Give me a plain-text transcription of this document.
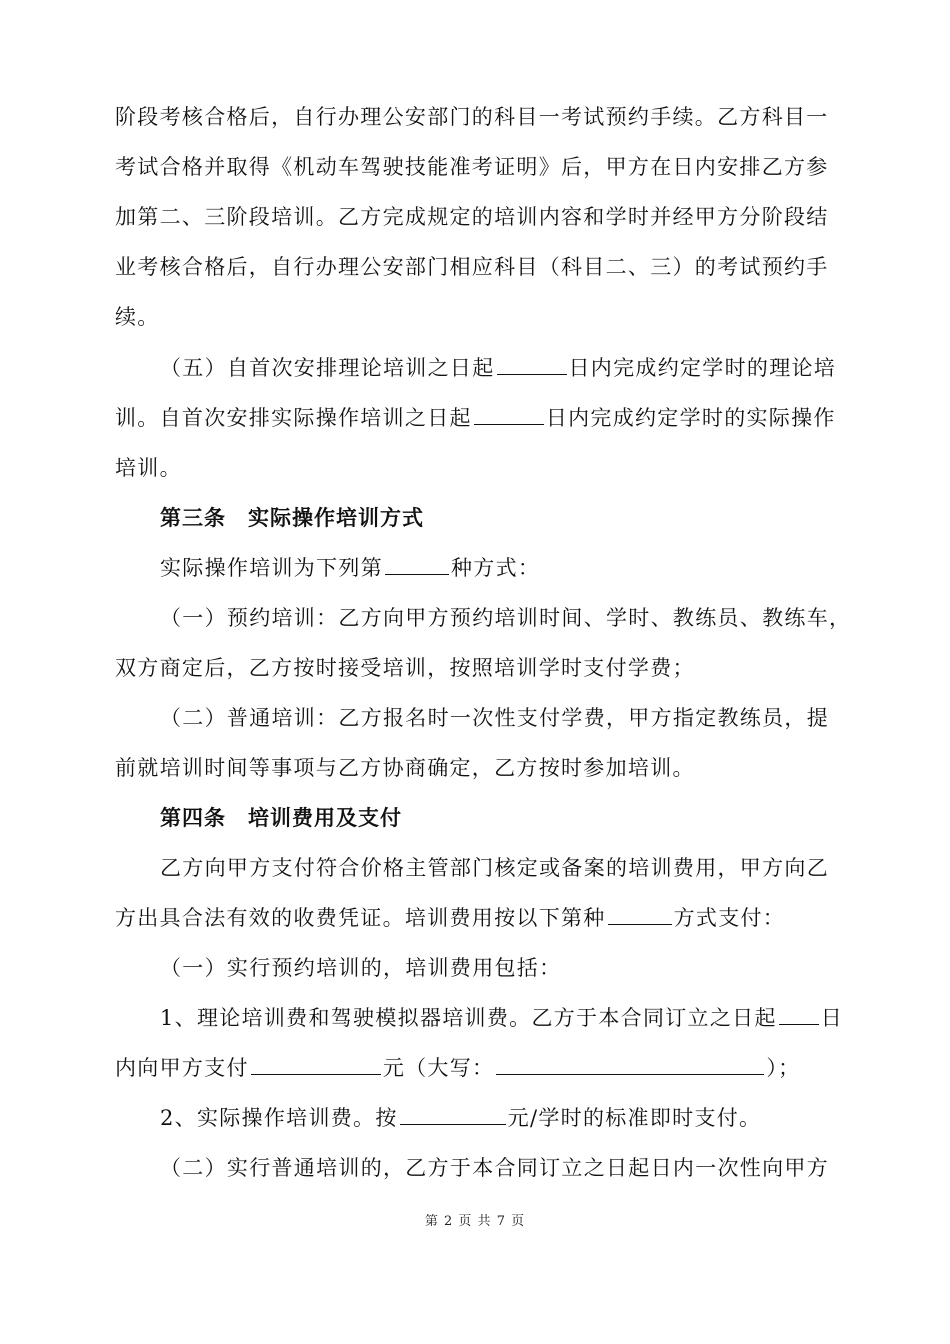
阶段考核合格后，自行办理公安部门的科目一考试预约手续。乙方科目一
考试合格并取得《机动车驾驶技能准考证明》后，甲方在日内安排乙方参
加第二、三阶段培训。乙方完成规定的培训内容和学时并经甲方分阶段结
业考核合格后，自行办理公安部门相应科目（科目二、三）的考试预约手
续。
（五）自首次安排理论培训之日起	日内完成约定学时的理论培
训。自首次安排实际操作培训之日起	日内完成约定学时的实际操作
培训。
第三条　实际操作培训方式
实际操作培训为下列第	种方式：
（一）预约培训：乙方向甲方预约培训时间、学时、教练员、教练车，
双方商定后，乙方按时接受培训，按照培训学时支付学费；
（二）普通培训：乙方报名时一次性支付学费，甲方指定教练员，提
前就培训时间等事项与乙方协商确定，乙方按时参加培训。
第四条　培训费用及支付
乙方向甲方支付符合价格主管部门核定或备案的培训费用，甲方向乙
方出具合法有效的收费凭证。培训费用按以下第种	方式支付：
（一）实行预约培训的，培训费用包括：
1、理论培训费和驾驶模拟器培训费。乙方于本合同订立之日起 日
内向甲方支付	元（大写：	）；
2、实际操作培训费。按	元/学时的标准即时支付。
（二）实行普通培训的，乙方于本合同订立之日起日内一次性向甲方
第 2 页 共 7 页
